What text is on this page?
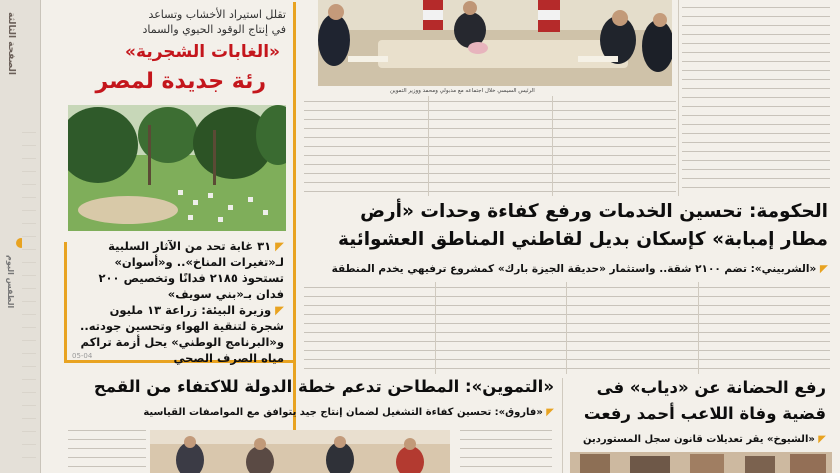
الصفحة الثالثة
الطقس اليوم
تقلل استيراد الأخشاب وتساعد
في إنتاج الوقود الحيوي والسماد
«الغابات الشجرية»
رئة جديدة لمصر
◤ ٣١ غابة تحد من الآثار السلبية لـ«تغيرات المناخ».. و«أسوان» تستحوذ ٢١٨٥ فدانًا وتخصيص ٢٠٠ فدان بـ«بني سويف»
◤ وزيرة البيئة: زراعة ١٣ مليون شجرة لتنقية الهواء وتحسين جودته.. و«البرنامج الوطني» يحل أزمة تراكم مياه الصرف الصحي
05-04
الرئيس السيسي خلال اجتماعه مع مدبولي ومحمد ووزير التموين

الحكومة: تحسين الخدمات ورفع كفاءة وحدات «أرض
مطار إمبابة» كإسكان بديل لقاطني المناطق العشوائية
◤ «الشربيني»: تضم ٢١٠٠ شقة.. واستثمار «حديقة الجيزة بارك» كمشروع ترفيهي يخدم المنطقة
«التموين»: المطاحن تدعم خطة الدولة للاكتفاء من القمح
◤ «فاروق»: تحسين كفاءة التشغيل لضمان إنتاج جيد يتوافق مع المواصفات القياسية
رفع الحضانة عن «دياب» فى
قضية وفاة اللاعب أحمد رفعت
◤ «الشيوخ» يقر تعديلات قانون سجل المستوردين
